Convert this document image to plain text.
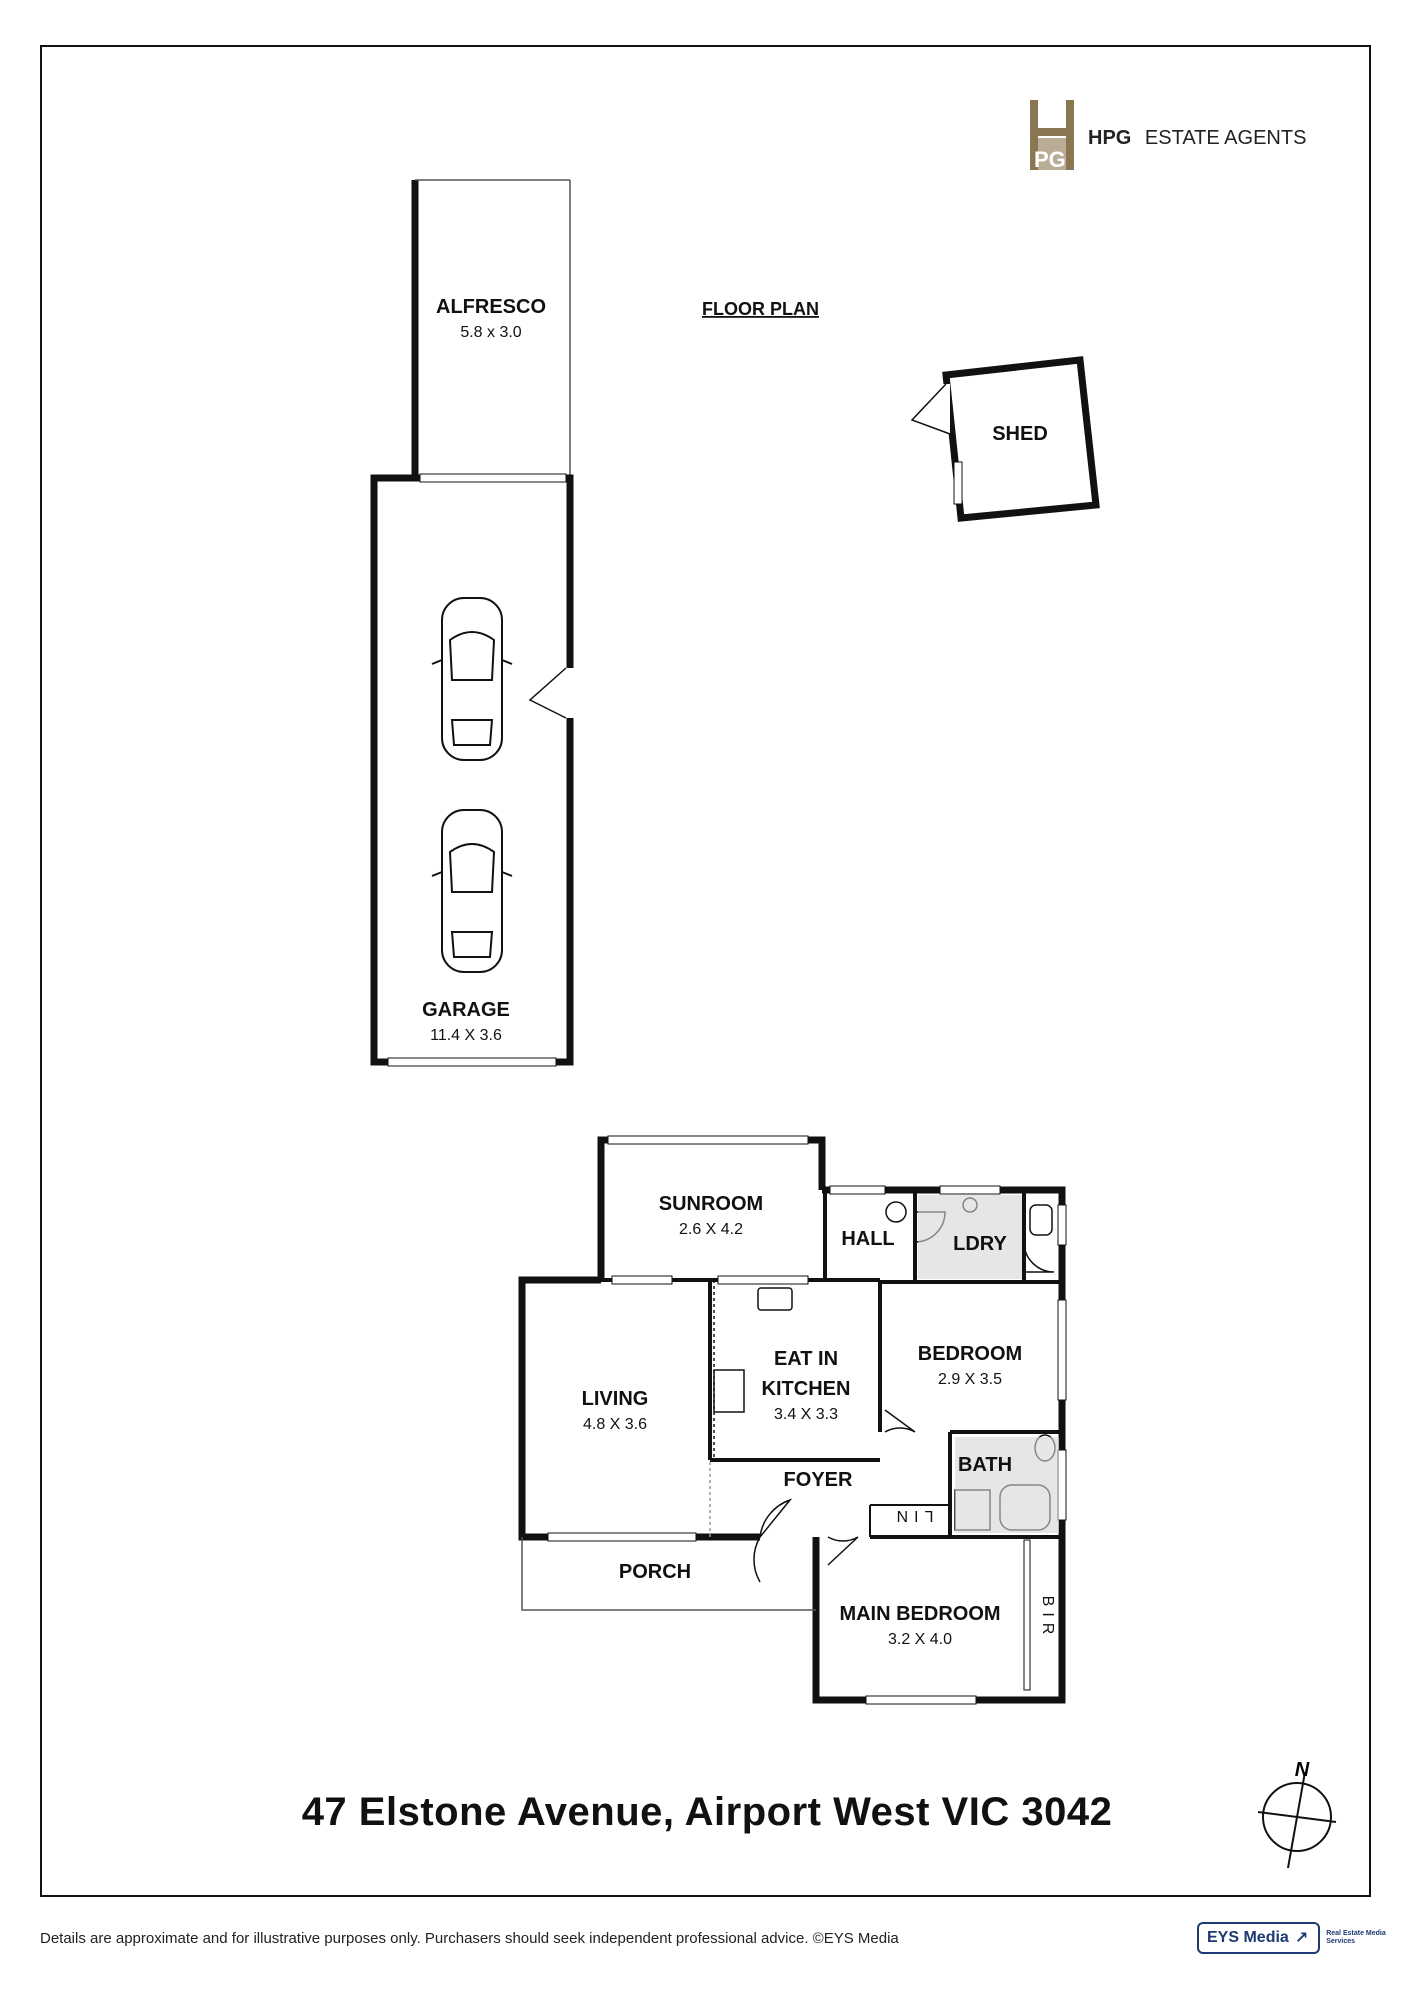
PG
HPG ESTATE AGENTS
FLOOR PLAN
ALFRESCO
5.8 x 3.0
GARAGE
11.4 X 3.6
SHED
SUNROOM
2.6 X 4.2	HALL	LDRY
LIVING
4.8 X 3.6
EAT IN
KITCHEN
3.4 X 3.3
BEDROOM
2.9 X 3.5
BATH
FOYER
LIN
PORCH
MAIN BEDROOM
3.2 X 4.0	BIR
N
47 Elstone Avenue, Airport West VIC 3042
Details are approximate and for illustrative purposes only. Purchasers should seek independent professional advice. ©EYS Media	EYS Media ↗	Real Estate Media Services
